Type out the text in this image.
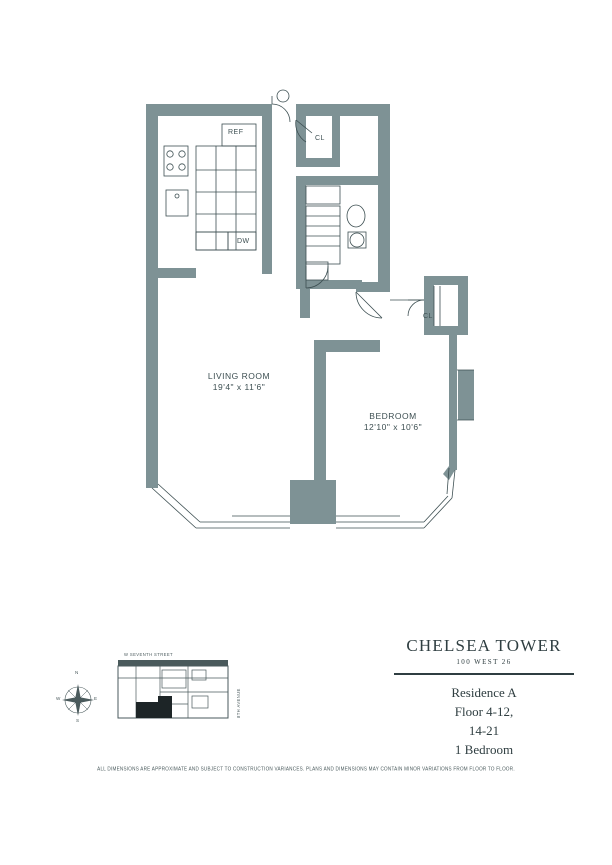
LIVING ROOM
19'4" x 11'6"
BEDROOM
12'10" x 10'6"
REF
CL
DW
CL
N
E
S
W
W SEVENTH STREET
8TH AVENUE
CHELSEA TOWER
100 WEST 26
Residence A
Floor 4-12,
14-21
1 Bedroom
ALL DIMENSIONS ARE APPROXIMATE AND SUBJECT TO CONSTRUCTION VARIANCES. PLANS AND DIMENSIONS MAY CONTAIN MINOR VARIATIONS FROM FLOOR TO FLOOR.
